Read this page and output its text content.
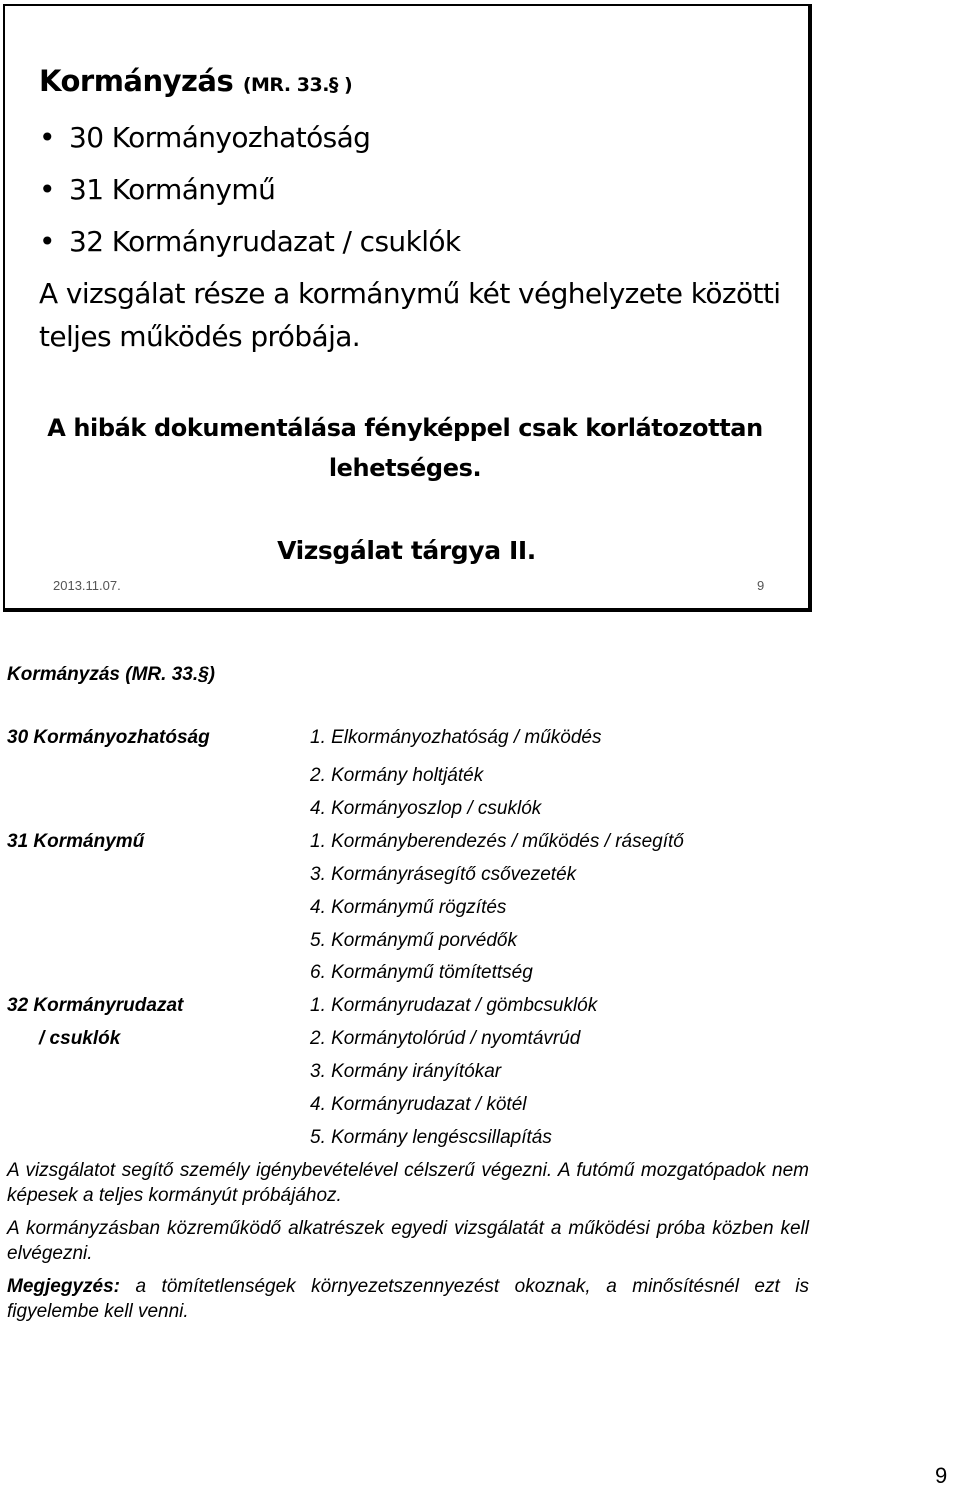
Kormányzás (MR. 33.§ )
• 30 Kormányozhatóság
• 31 Kormánymű
• 32 Kormányrudazat / csuklók
A vizsgálat része a kormánymű két véghelyzete közötti teljes működés próbája.
A hibák dokumentálása fényképpel csak korlátozottan lehetséges.
Vizsgálat tárgya II.
2013.11.07.	9
Kormányzás (MR. 33.§)
30 Kormányozhatóság	1. Elkormányozhatóság / működés
2. Kormány holtjáték
4. Kormányoszlop / csuklók
31 Kormánymű	1. Kormányberendezés / működés / rásegítő
3. Kormányrásegítő csővezeték
4. Kormánymű rögzítés
5. Kormánymű porvédők
6. Kormánymű tömítettség
32 Kormányrudazat	1. Kormányrudazat / gömbcsuklók
/ csuklók	2. Kormánytolórúd / nyomtávrúd
3. Kormány irányítókar
4. Kormányrudazat / kötél
5. Kormány lengéscsillapítás
A vizsgálatot segítő személy igénybevételével célszerű végezni. A futómű mozgatópadok nem képesek a teljes kormányút próbájához.
A kormányzásban közreműködő alkatrészek egyedi vizsgálatát a működési próba közben kell elvégezni.
Megjegyzés: a tömítetlenségek környezetszennyezést okoznak, a minősítésnél ezt is figyelembe kell venni.
9
